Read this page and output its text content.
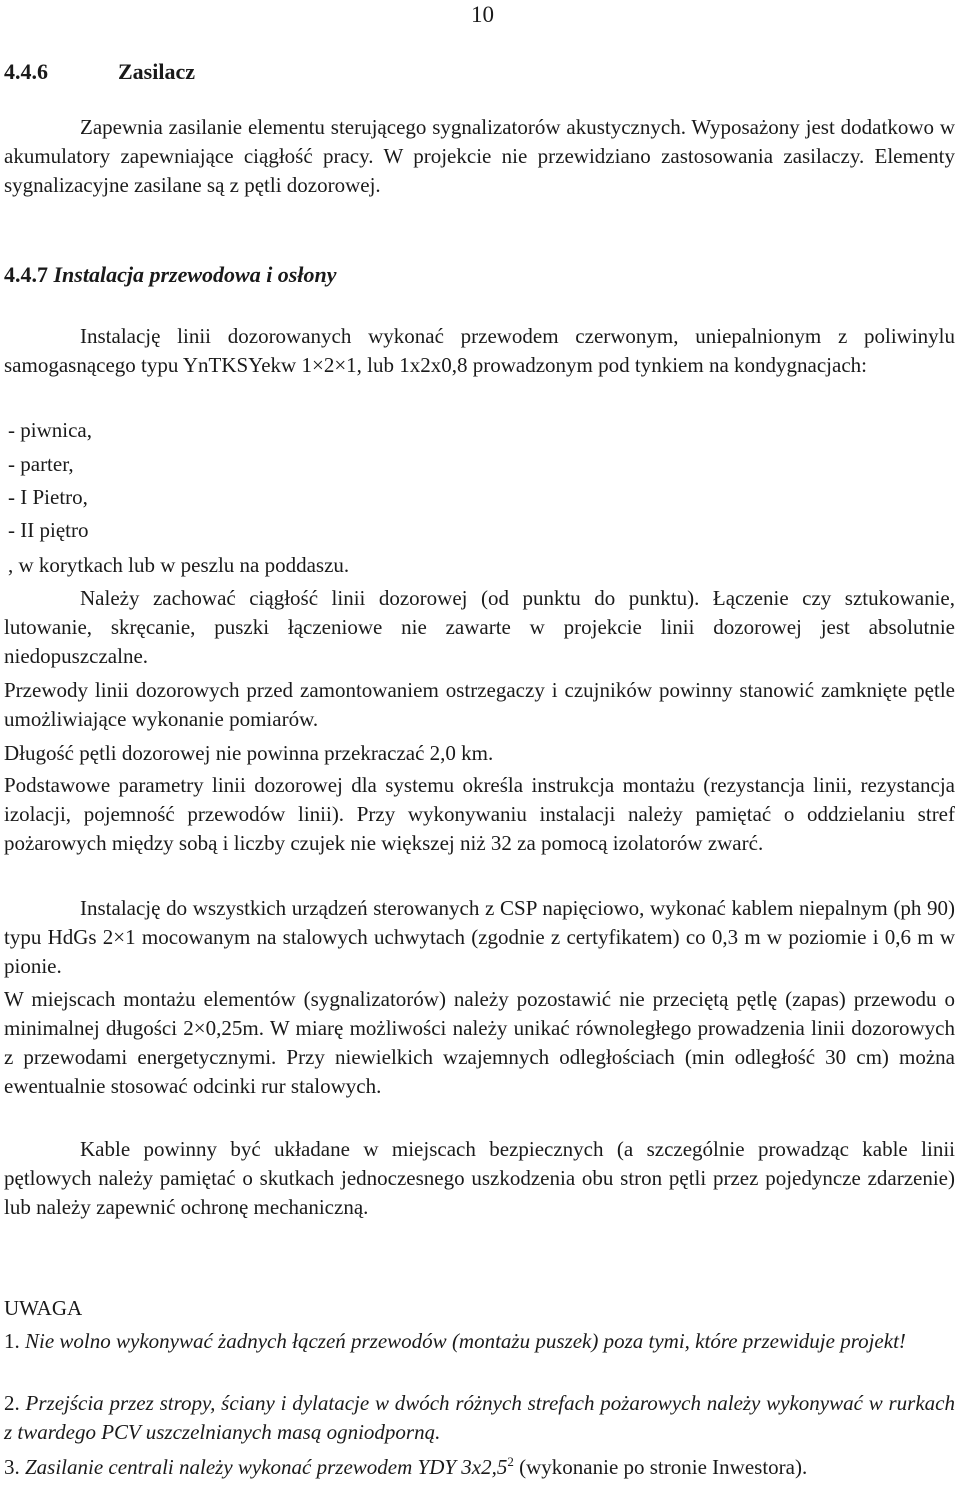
10
4.4.6	Zasilacz

Zapewnia zasilanie elementu sterującego sygnalizatorów akustycznych. Wyposażony jest dodatkowo w akumulatory zapewniające ciągłość pracy. W projekcie nie przewidziano zastosowania zasilaczy. Elementy sygnalizacyjne zasilane są z pętli dozorowej.

4.4.7 Instalacja przewodowa i osłony

Instalację linii dozorowanych wykonać przewodem czerwonym, uniepalnionym z poliwinylu samogasnącego typu YnTKSYekw 1×2×1, lub 1x2x0,8 prowadzonym pod tynkiem na kondygnacjach:

- piwnica,
- parter,
- I Pietro,
- II piętro
, w korytkach lub w peszlu na poddaszu.

Należy zachować ciągłość linii dozorowej (od punktu do punktu). Łączenie czy sztukowanie, lutowanie, skręcanie, puszki łączeniowe nie zawarte w projekcie linii dozorowej jest absolutnie niedopuszczalne.

Przewody linii dozorowych przed zamontowaniem ostrzegaczy i czujników powinny stanowić zamknięte pętle umożliwiające wykonanie pomiarów.

Długość pętli dozorowej nie powinna przekraczać 2,0 km.

Podstawowe parametry linii dozorowej dla systemu określa instrukcja montażu (rezystancja linii, rezystancja izolacji, pojemność przewodów linii). Przy wykonywaniu instalacji należy pamiętać o oddzielaniu stref pożarowych między sobą i liczby czujek nie większej niż 32 za pomocą izolatorów zwarć.

Instalację do wszystkich urządzeń sterowanych z CSP napięciowo, wykonać kablem niepalnym (ph 90) typu HdGs 2×1 mocowanym na stalowych uchwytach (zgodnie z certyfikatem) co 0,3 m w poziomie i 0,6 m w pionie.

W miejscach montażu elementów (sygnalizatorów) należy pozostawić nie przeciętą pętlę (zapas) przewodu o minimalnej długości 2×0,25m. W miarę możliwości należy unikać równoległego prowadzenia linii dozorowych z przewodami energetycznymi. Przy niewielkich wzajemnych odległościach (min odległość 30 cm) można ewentualnie stosować odcinki rur stalowych.

Kable powinny być układane w miejscach bezpiecznych (a szczególnie prowadząc kable linii pętlowych należy pamiętać o skutkach jednoczesnego uszkodzenia obu stron pętli przez pojedyncze zdarzenie) lub należy zapewnić ochronę mechaniczną.

UWAGA

1. Nie wolno wykonywać żadnych łączeń przewodów (montażu puszek) poza tymi, które przewiduje projekt!

2. Przejścia przez stropy, ściany i dylatacje w dwóch różnych strefach pożarowych należy wykonywać w rurkach z twardego PCV uszczelnianych masą ogniodporną.

3. Zasilanie centrali należy wykonać przewodem YDY $3x2,5^2$ (wykonanie po stronie Inwestora).
